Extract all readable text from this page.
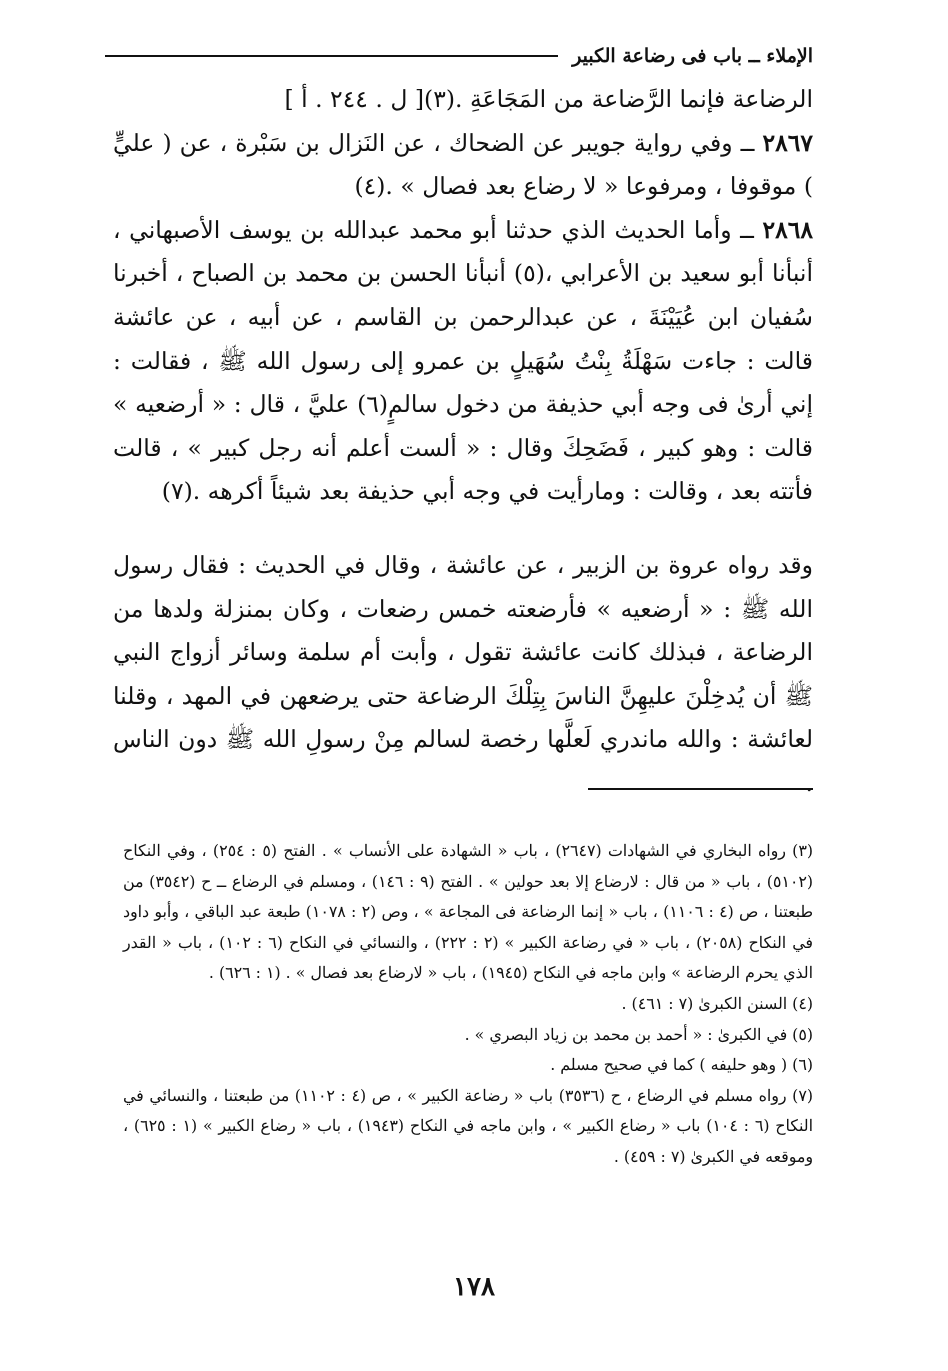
الإملاء ــ باب فى رضاعة الكبير

الرضاعة فإنما الرَّضاعة من المَجَاعَةِ .(٣)[ ل . ٢٤٤ . أ ]

٢٨٦٧ ــ وفي رواية جويبر عن الضحاك ، عن النَزال بن سَبْرة ، عن ( عليٍّ ) موقوفا ، ومرفوعا « لا رضاع بعد فصال » .(٤)

٢٨٦٨ ــ وأما الحديث الذي حدثنا أبو محمد عبدالله بن يوسف الأصبهاني ، أنبأنا أبو سعيد بن الأعرابي ،(٥) أنبأنا الحسن بن محمد بن الصباح ، أخبرنا سُفيان ابن عُيَيْنَةَ ، عن عبدالرحمن بن القاسم ، عن أبيه ، عن عائشة قالت : جاءت سَهْلَةُ بِنْتُ سُهَيلٍ بن عمرو إلى رسول الله ﷺ ، فقالت : إني أرىٰ فى وجه أبي حذيفة من دخول سالمٍ(٦) عليَّ ، قال : « أرضعيه » قالت : وهو كبير ، فَضَحِكَ وقال : « ألست أعلم أنه رجل كبير » ، قالت فأتته بعد ، وقالت : ومارأيت في وجه أبي حذيفة بعد شيئاً أكرهه .(٧)

وقد رواه عروة بن الزبير ، عن عائشة ، وقال في الحديث : فقال رسول الله ﷺ : « أرضعيه » فأرضعته خمس رضعات ، وكان بمنزلة ولدها من الرضاعة ، فبذلك كانت عائشة تقول ، وأبت أم سلمة وسائر أزواج النبي ﷺ أن يُدخِلْنَ عليهِنَّ الناسَ بِتِلْكَ الرضاعة حتى يرضعهن في المهد ، وقلنا لعائشة : والله ماندري لَعلَّها رخصة لسالم مِنْ رسولِ الله ﷺ دون الناس .

(٣) رواه البخاري في الشهادات (٢٦٤٧) ، باب « الشهادة على الأنساب » . الفتح (٥ : ٢٥٤) ، وفي النكاح (٥١٠٢) ، باب « من قال : لارضاع إلا بعد حولين » . الفتح (٩ : ١٤٦) ، ومسلم في الرضاع ــ ح (٣٥٤٢) من طبعتنا ، ص (٤ : ١١٠٦) ، باب « إنما الرضاعة فى المجاعة » ، وص (٢ : ١٠٧٨) طبعة عبد الباقي ، وأبو داود في النكاح (٢٠٥٨) ، باب « في رضاعة الكبير » (٢ : ٢٢٢) ، والنسائي في النكاح (٦ : ١٠٢) ، باب « القدر الذي يحرم الرضاعة » وابن ماجه في النكاح (١٩٤٥) ، باب « لارضاع بعد فصال » . (١ : ٦٢٦) .

(٤) السنن الكبرىٰ (٧ : ٤٦١) .

(٥) في الكبرىٰ : « أحمد بن محمد بن زياد البصري » .

(٦) ( وهو حليفه ) كما في صحيح مسلم .

(٧) رواه مسلم في الرضاع ، ح (٣٥٣٦) باب « رضاعة الكبير » ، ص (٤ : ١١٠٢) من طبعتنا ، والنسائي في النكاح (٦ : ١٠٤) باب « رضاع الكبير » ، وابن ماجه في النكاح (١٩٤٣) ، باب « رضاع الكبير » (١ : ٦٢٥) ، وموقعه في الكبرىٰ (٧ : ٤٥٩) .

١٧٨
